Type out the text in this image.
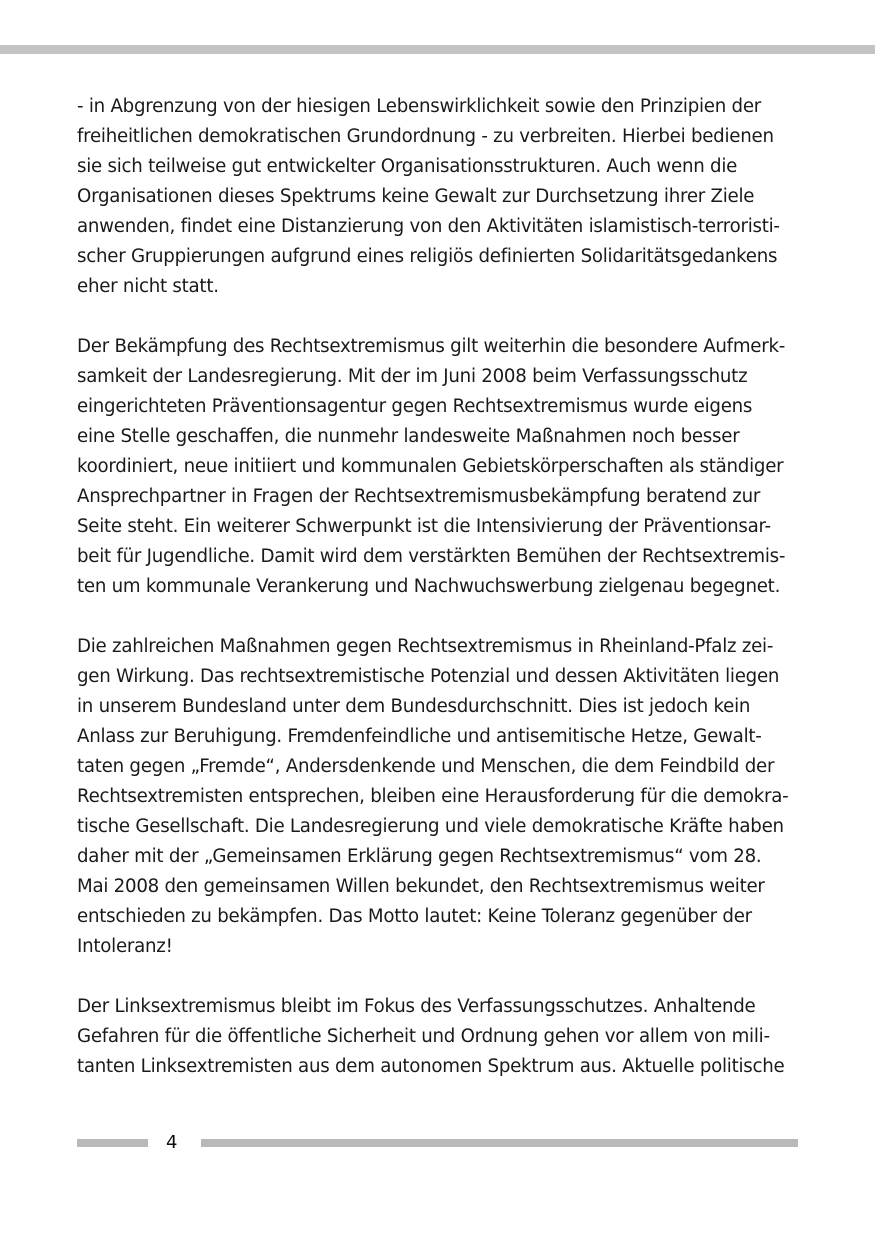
- in Abgrenzung von der hiesigen Lebenswirklichkeit sowie den Prinzipien der
freiheitlichen demokratischen Grundordnung - zu verbreiten. Hierbei bedienen
sie sich teilweise gut entwickelter Organisationsstrukturen. Auch wenn die
Organisationen dieses Spektrums keine Gewalt zur Durchsetzung ihrer Ziele
anwenden, findet eine Distanzierung von den Aktivitäten islamistisch-terroristi-
scher Gruppierungen aufgrund eines religiös definierten Solidaritätsgedankens
eher nicht statt.

Der Bekämpfung des Rechtsextremismus gilt weiterhin die besondere Aufmerk-
samkeit der Landesregierung. Mit der im Juni 2008 beim Verfassungsschutz
eingerichteten Präventionsagentur gegen Rechtsextremismus wurde eigens
eine Stelle geschaffen, die nunmehr landesweite Maßnahmen noch besser
koordiniert, neue initiiert und kommunalen Gebietskörperschaften als ständiger
Ansprechpartner in Fragen der Rechtsextremismusbekämpfung beratend zur
Seite steht. Ein weiterer Schwerpunkt ist die Intensivierung der Präventionsar-
beit für Jugendliche. Damit wird dem verstärkten Bemühen der Rechtsextremis-
ten um kommunale Verankerung und Nachwuchswerbung zielgenau begegnet.

Die zahlreichen Maßnahmen gegen Rechtsextremismus in Rheinland-Pfalz zei-
gen Wirkung. Das rechtsextremistische Potenzial und dessen Aktivitäten liegen
in unserem Bundesland unter dem Bundesdurchschnitt. Dies ist jedoch kein
Anlass zur Beruhigung. Fremdenfeindliche und antisemitische Hetze, Gewalt-
taten gegen „Fremde“, Andersdenkende und Menschen, die dem Feindbild der
Rechtsextremisten entsprechen, bleiben eine Herausforderung für die demokra-
tische Gesellschaft. Die Landesregierung und viele demokratische Kräfte haben
daher mit der „Gemeinsamen Erklärung gegen Rechtsextremismus“ vom 28.
Mai 2008 den gemeinsamen Willen bekundet, den Rechtsextremismus weiter
entschieden zu bekämpfen. Das Motto lautet: Keine Toleranz gegenüber der
Intoleranz!

Der Linksextremismus bleibt im Fokus des Verfassungsschutzes. Anhaltende
Gefahren für die öffentliche Sicherheit und Ordnung gehen vor allem von mili-
tanten Linksextremisten aus dem autonomen Spektrum aus. Aktuelle politische

4
